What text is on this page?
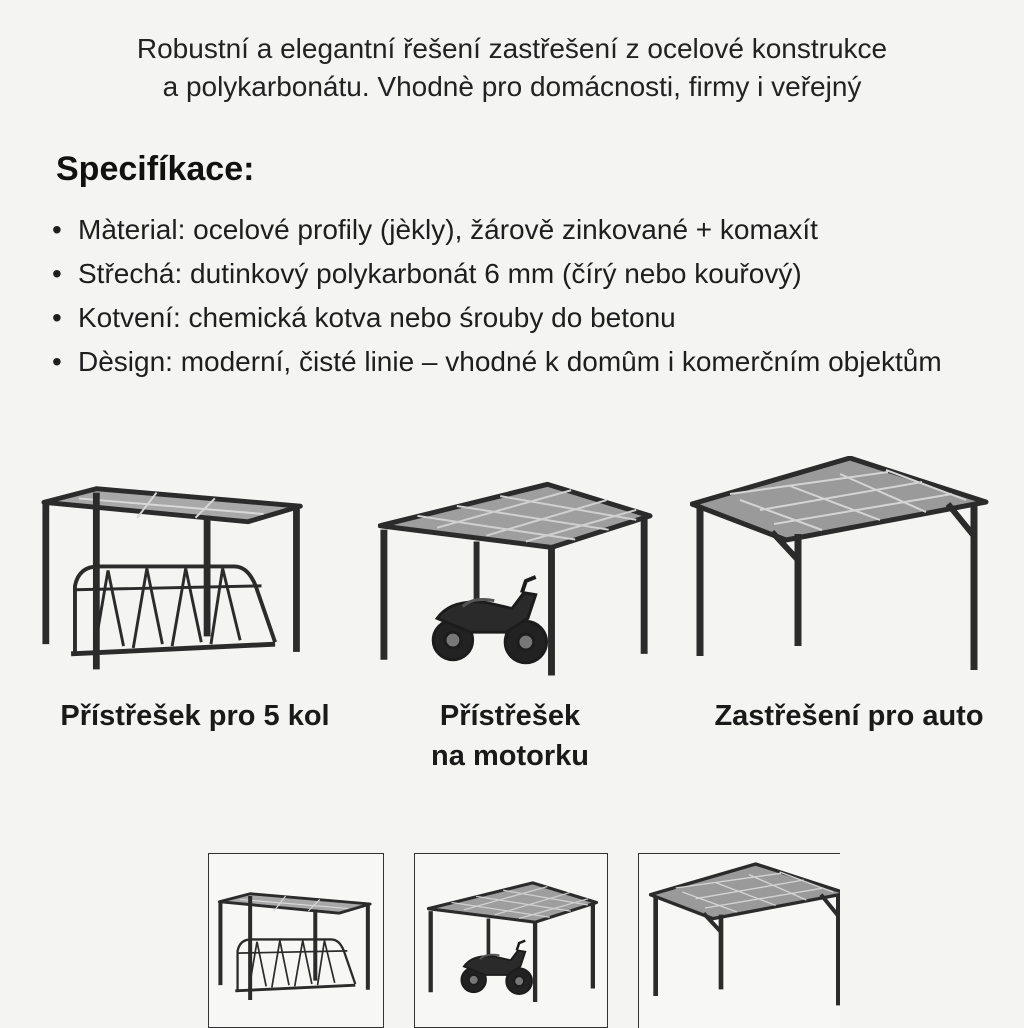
Robustní a elegantní řešení zastřešení z ocelové konstrukce
a polykarbonátu. Vhodnè pro domácnosti, firmy i veřejný
Specifíkace:
• Màterial: ocelové profily (jèkly), žárově zinkované + komaxít
• Střechá: dutinkový polykarbonát 6 mm (čírý nebo kouřový)
• Kotvení: chemická kotva nebo śrouby do betonu
• Dèsign: moderní, čisté linie – vhodné k domûm i komerčním objektům
Přístřešek pro 5 kol	Přístřešek
na motorku
Zastřešení pro auto
